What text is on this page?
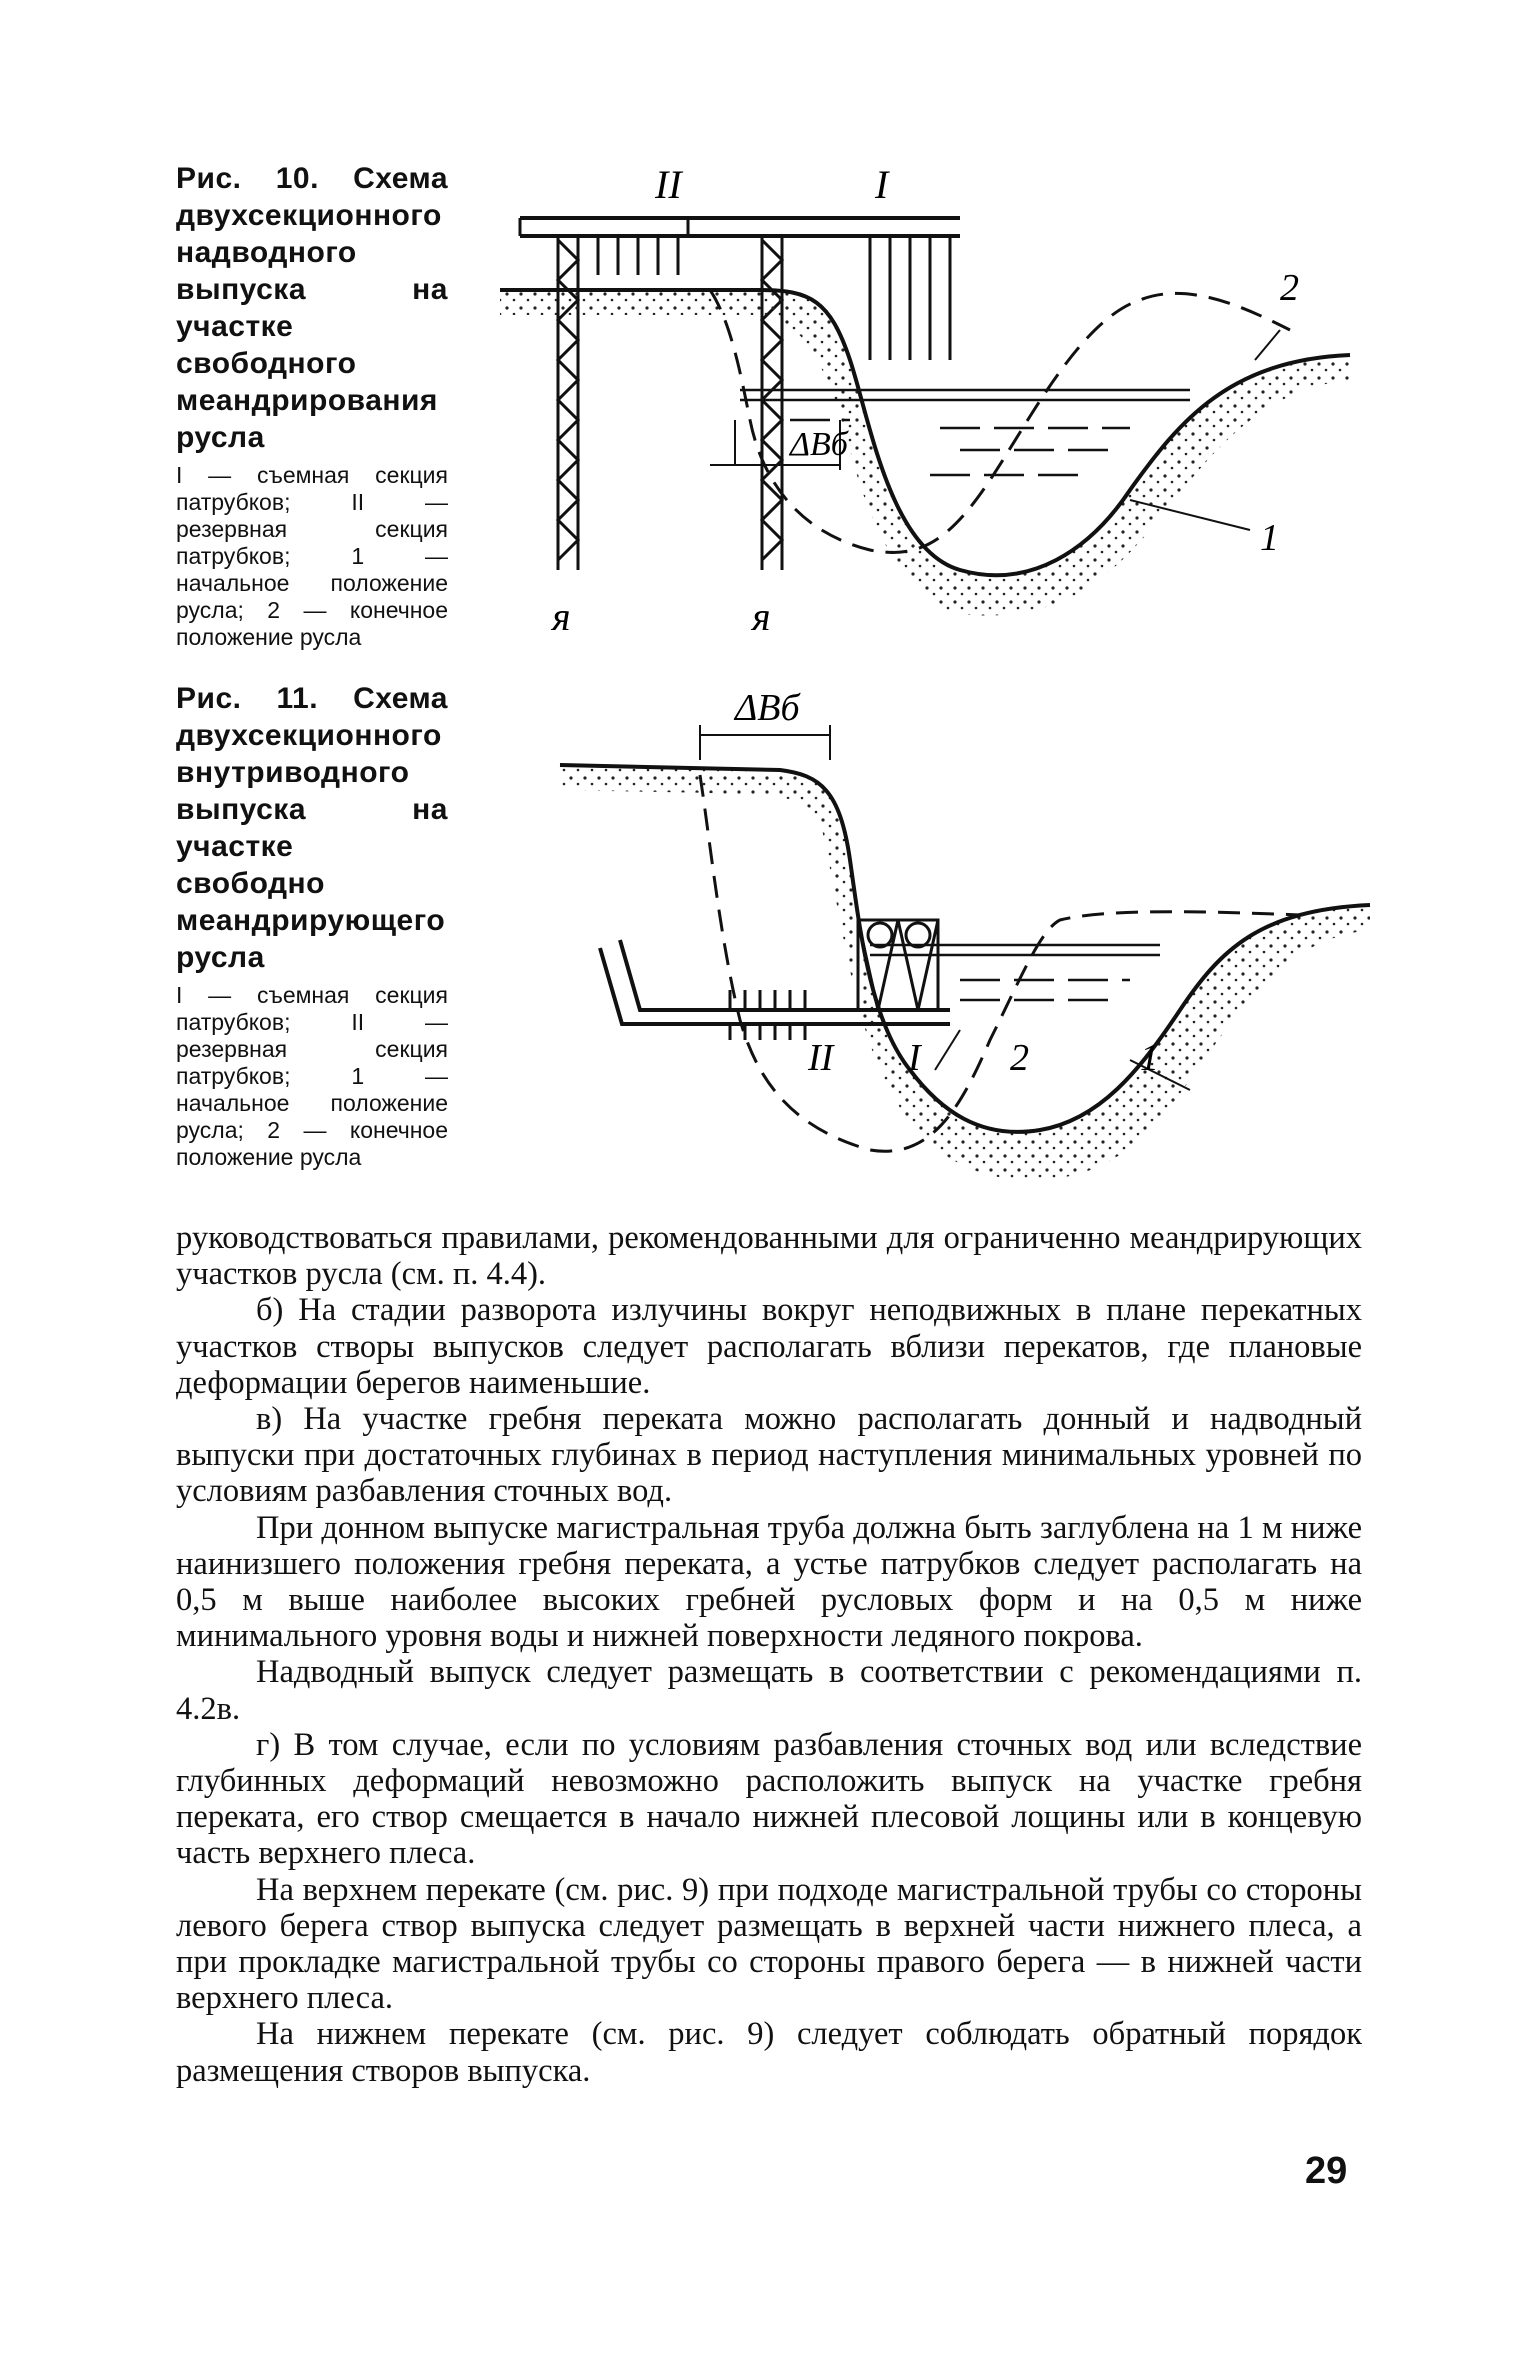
Рис. 10. Схема двухсекционного надводного выпуска на участке свободного меандрирования русла
I — съемная секция патрубков; II — резервная секция патрубков; 1 — начальное положение русла; 2 — конечное положение русла
II	I
2
1
ΔBб
ᴙ	ᴙ
Рис. 11. Схема двухсекционного внутриводного выпуска на участке свободно меандрирующего русла
I — съемная секция патрубков; II — резервная секция патрубков; 1 — начальное положение русла; 2 — конечное положение русла
ΔBб
II I 2	1

руководствоваться правилами, рекомендованными для ограниченно меандрирующих участков русла (см. п. 4.4).

б) На стадии разворота излучины вокруг неподвижных в плане перекатных участков створы выпусков следует располагать вблизи перекатов, где плановые деформации берегов наименьшие.

в) На участке гребня переката можно располагать донный и надводный выпуски при достаточных глубинах в период наступления минимальных уровней по условиям разбавления сточных вод.

При донном выпуске магистральная труба должна быть заглублена на 1 м ниже наинизшего положения гребня переката, а устье патрубков следует располагать на 0,5 м выше наиболее высоких гребней русловых форм и на 0,5 м ниже минимального уровня воды и нижней поверхности ледяного покрова.

Надводный выпуск следует размещать в соответствии с рекомендациями п. 4.2в.

г) В том случае, если по условиям разбавления сточных вод или вследствие глубинных деформаций невозможно расположить выпуск на участке гребня переката, его створ смещается в начало нижней плесовой лощины или в концевую часть верхнего плеса.

На верхнем перекате (см. рис. 9) при подходе магистральной трубы со стороны левого берега створ выпуска следует размещать в верхней части нижнего плеса, а при прокладке магистральной трубы со стороны правого берега — в нижней части верхнего плеса.

На нижнем перекате (см. рис. 9) следует соблюдать обратный порядок размещения створов выпуска.

29
